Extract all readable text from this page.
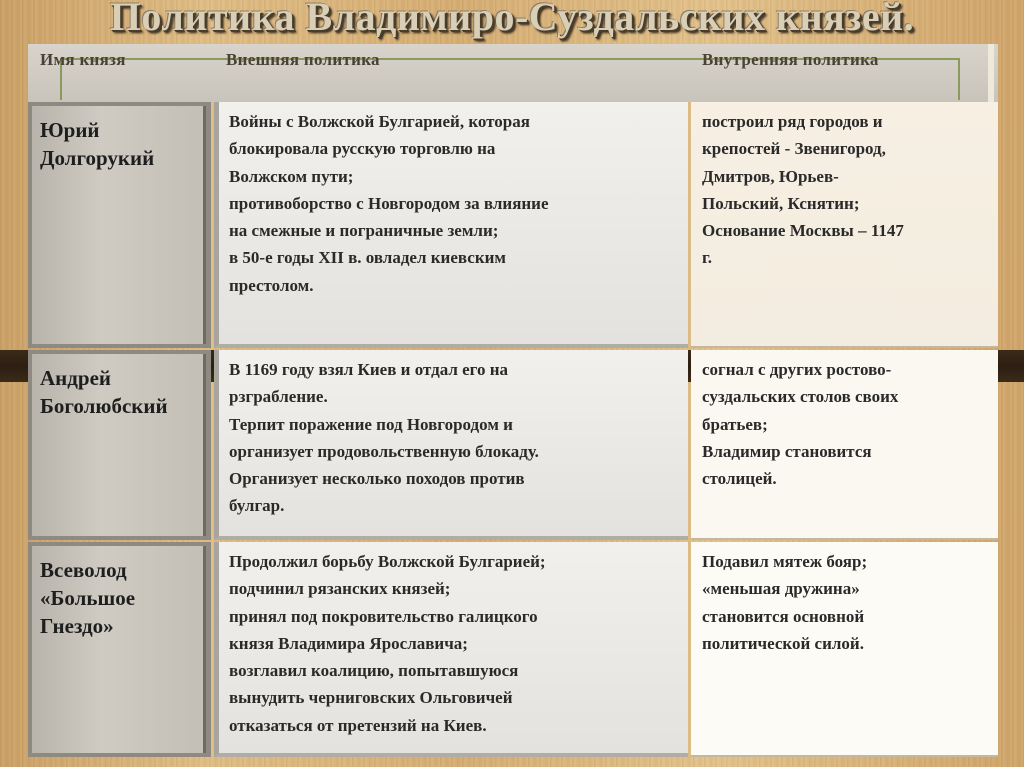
Политика Владимиро-Суздальских князей.
Имя князя	Внешняя политика	Внутренняя политика
Юрий
Долгорукий
Войны с Волжской Булгарией, которая
блокировала русскую торговлю на
Волжском пути;
противоборство с Новгородом за влияние
на смежные и пограничные земли;
в 50-е годы XII в. овладел киевским
престолом.
построил ряд городов и
крепостей - Звенигород,
Дмитров, Юрьев-
Польский, Кснятин;
Основание Москвы – 1147
г.
Андрей
Боголюбский
В 1169 году взял Киев и отдал его на
рзграбление.
Терпит поражение под Новгородом и
организует продовольственную блокаду.
Организует несколько походов против
булгар.
согнал с других ростово-
суздальских столов своих
братьев;
Владимир становится
столицей.
Всеволод
«Большое
Гнездо»
Продолжил борьбу Волжской Булгарией;
подчинил рязанских князей;
принял под покровительство галицкого
князя Владимира Ярославича;
возглавил коалицию, попытавшуюся
вынудить черниговских Ольговичей
отказаться от претензий на Киев.
Подавил мятеж бояр;
«меньшая дружина»
становится основной
политической силой.
